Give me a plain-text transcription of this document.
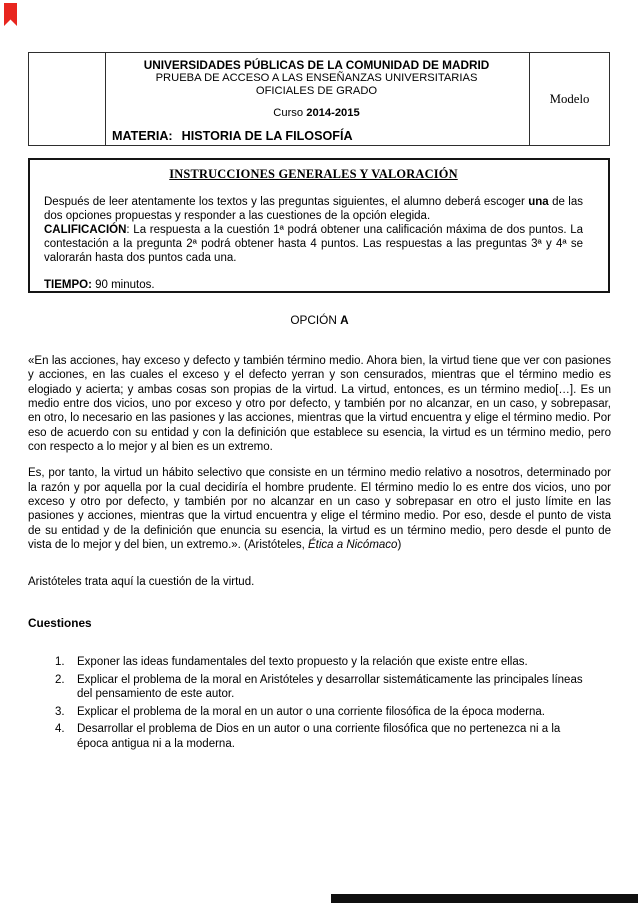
UNIVERSIDADES PÚBLICAS DE LA COMUNIDAD DE MADRID
PRUEBA DE ACCESO A LAS ENSEÑANZAS UNIVERSITARIAS
OFICIALES DE GRADO
Curso 2014-2015
MATERIA: HISTORIA DE LA FILOSOFÍA
Modelo
INSTRUCCIONES GENERALES Y VALORACIÓN
Después de leer atentamente los textos y las preguntas siguientes, el alumno deberá escoger una de las dos opciones propuestas y responder a las cuestiones de la opción elegida.
CALIFICACIÓN: La respuesta a la cuestión 1ª podrá obtener una calificación máxima de dos puntos. La contestación a la pregunta 2ª podrá obtener hasta 4 puntos. Las respuestas a las preguntas 3ª y 4ª se valorarán hasta dos puntos cada una.
TIEMPO: 90 minutos.
OPCIÓN A

«En las acciones, hay exceso y defecto y también término medio. Ahora bien, la virtud tiene que ver con pasiones y acciones, en las cuales el exceso y el defecto yerran y son censurados, mientras que el término medio es elogiado y acierta; y ambas cosas son propias de la virtud. La virtud, entonces, es un término medio[…]. Es un medio entre dos vicios, uno por exceso y otro por defecto, y también por no alcanzar, en un caso, y sobrepasar, en otro, lo necesario en las pasiones y las acciones, mientras que la virtud encuentra y elige el término medio. Por eso de acuerdo con su entidad y con la definición que establece su esencia, la virtud es un término medio, pero con respecto a lo mejor y al bien es un extremo.

Es, por tanto, la virtud un hábito selectivo que consiste en un término medio relativo a nosotros, determinado por la razón y por aquella por la cual decidiría el hombre prudente. El término medio lo es entre dos vicios, uno por exceso y otro por defecto, y también por no alcanzar en un caso y sobrepasar en otro el justo límite en las pasiones y acciones, mientras que la virtud encuentra y elige el término medio. Por eso, desde el punto de vista de su entidad y de la definición que enuncia su esencia, la virtud es un término medio, pero desde el punto de vista de lo mejor y del bien, un extremo.». (Aristóteles, Ética a Nicómaco)

Aristóteles trata aquí la cuestión de la virtud.

Cuestiones

1.	Exponer las ideas fundamentales del texto propuesto y la relación que existe entre ellas.
2.	Explicar el problema de la moral en Aristóteles y desarrollar sistemáticamente las principales líneas del pensamiento de este autor.
3.	Explicar el problema de la moral en un autor o una corriente filosófica de la época moderna.
4.	Desarrollar el problema de Dios en un autor o una corriente filosófica que no pertenezca ni a la época antigua ni a la moderna.
